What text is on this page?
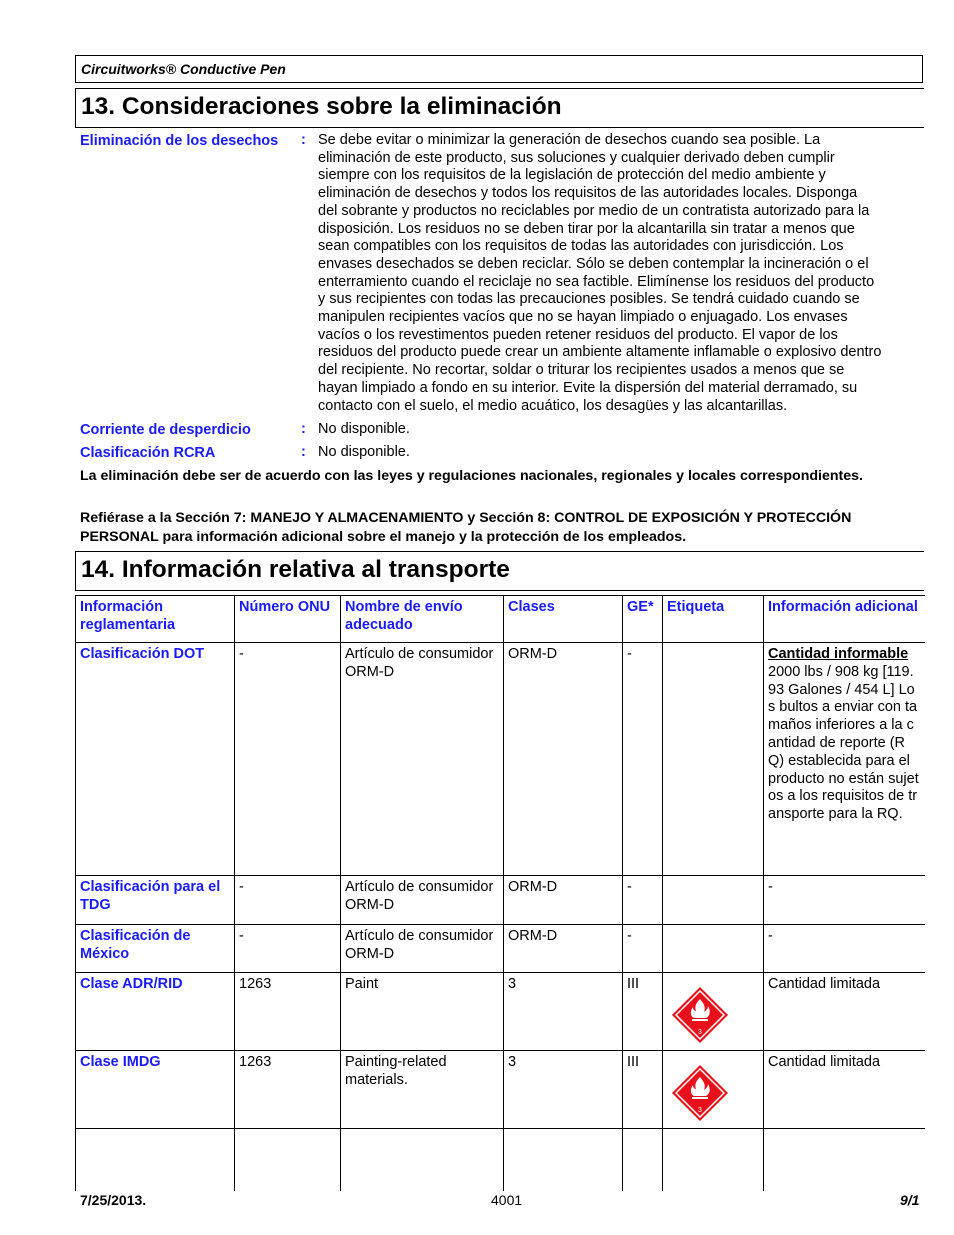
Circuitworks® Conductive Pen
13. Consideraciones sobre la eliminación
Eliminación de los desechos	: Se debe evitar o minimizar la generación de desechos cuando sea posible. La
eliminación de este producto, sus soluciones y cualquier derivado deben cumplir
siempre con los requisitos de la legislación de protección del medio ambiente y
eliminación de desechos y todos los requisitos de las autoridades locales. Disponga
del sobrante y productos no reciclables por medio de un contratista autorizado para la
disposición. Los residuos no se deben tirar por la alcantarilla sin tratar a menos que
sean compatibles con los requisitos de todas las autoridades con jurisdicción. Los
envases desechados se deben reciclar. Sólo se deben contemplar la incineración o el
enterramiento cuando el reciclaje no sea factible. Elimínense los residuos del producto
y sus recipientes con todas las precauciones posibles. Se tendrá cuidado cuando se
manipulen recipientes vacíos que no se hayan limpiado o enjuagado. Los envases
vacíos o los revestimentos pueden retener residuos del producto. El vapor de los
residuos del producto puede crear un ambiente altamente inflamable o explosivo dentro
del recipiente. No recortar, soldar o triturar los recipientes usados a menos que se
hayan limpiado a fondo en su interior. Evite la dispersión del material derramado, su
contacto con el suelo, el medio acuático, los desagües y las alcantarillas.
Corriente de desperdicio	: No disponible.
Clasificación RCRA	: No disponible.
La eliminación debe ser de acuerdo con las leyes y regulaciones nacionales, regionales y locales correspondientes.
Refiérase a la Sección 7: MANEJO Y ALMACENAMIENTO y Sección 8: CONTROL DE EXPOSICIÓN Y PROTECCIÓN PERSONAL para información adicional sobre el manejo y la protección de los empleados.
14. Información relativa al transporte
Información reglamentaria	Número ONU	Nombre de envío adecuado	Clases	GE*	Etiqueta	Información adicional
Clasificación DOT	-	Artículo de consumidor ORM-D	ORM-D	-		Cantidad informable
2000 lbs / 908 kg [119.93 Galones / 454 L] Los bultos a enviar con tamaños inferiores a la cantidad de reporte (RQ) establecida para el producto no están sujetos a los requisitos de transporte para la RQ.

Clasificación para el TDG	-	Artículo de consumidor ORM-D	ORM-D	-		-
Clasificación de México	-	Artículo de consumidor ORM-D	ORM-D	-		-
Clase ADR/RID	1263	Paint	3	III	3	Cantidad limitada
Clase IMDG	1263	Painting-related materials.	3	III	3	Cantidad limitada

7/25/2013.	4001	9/1
